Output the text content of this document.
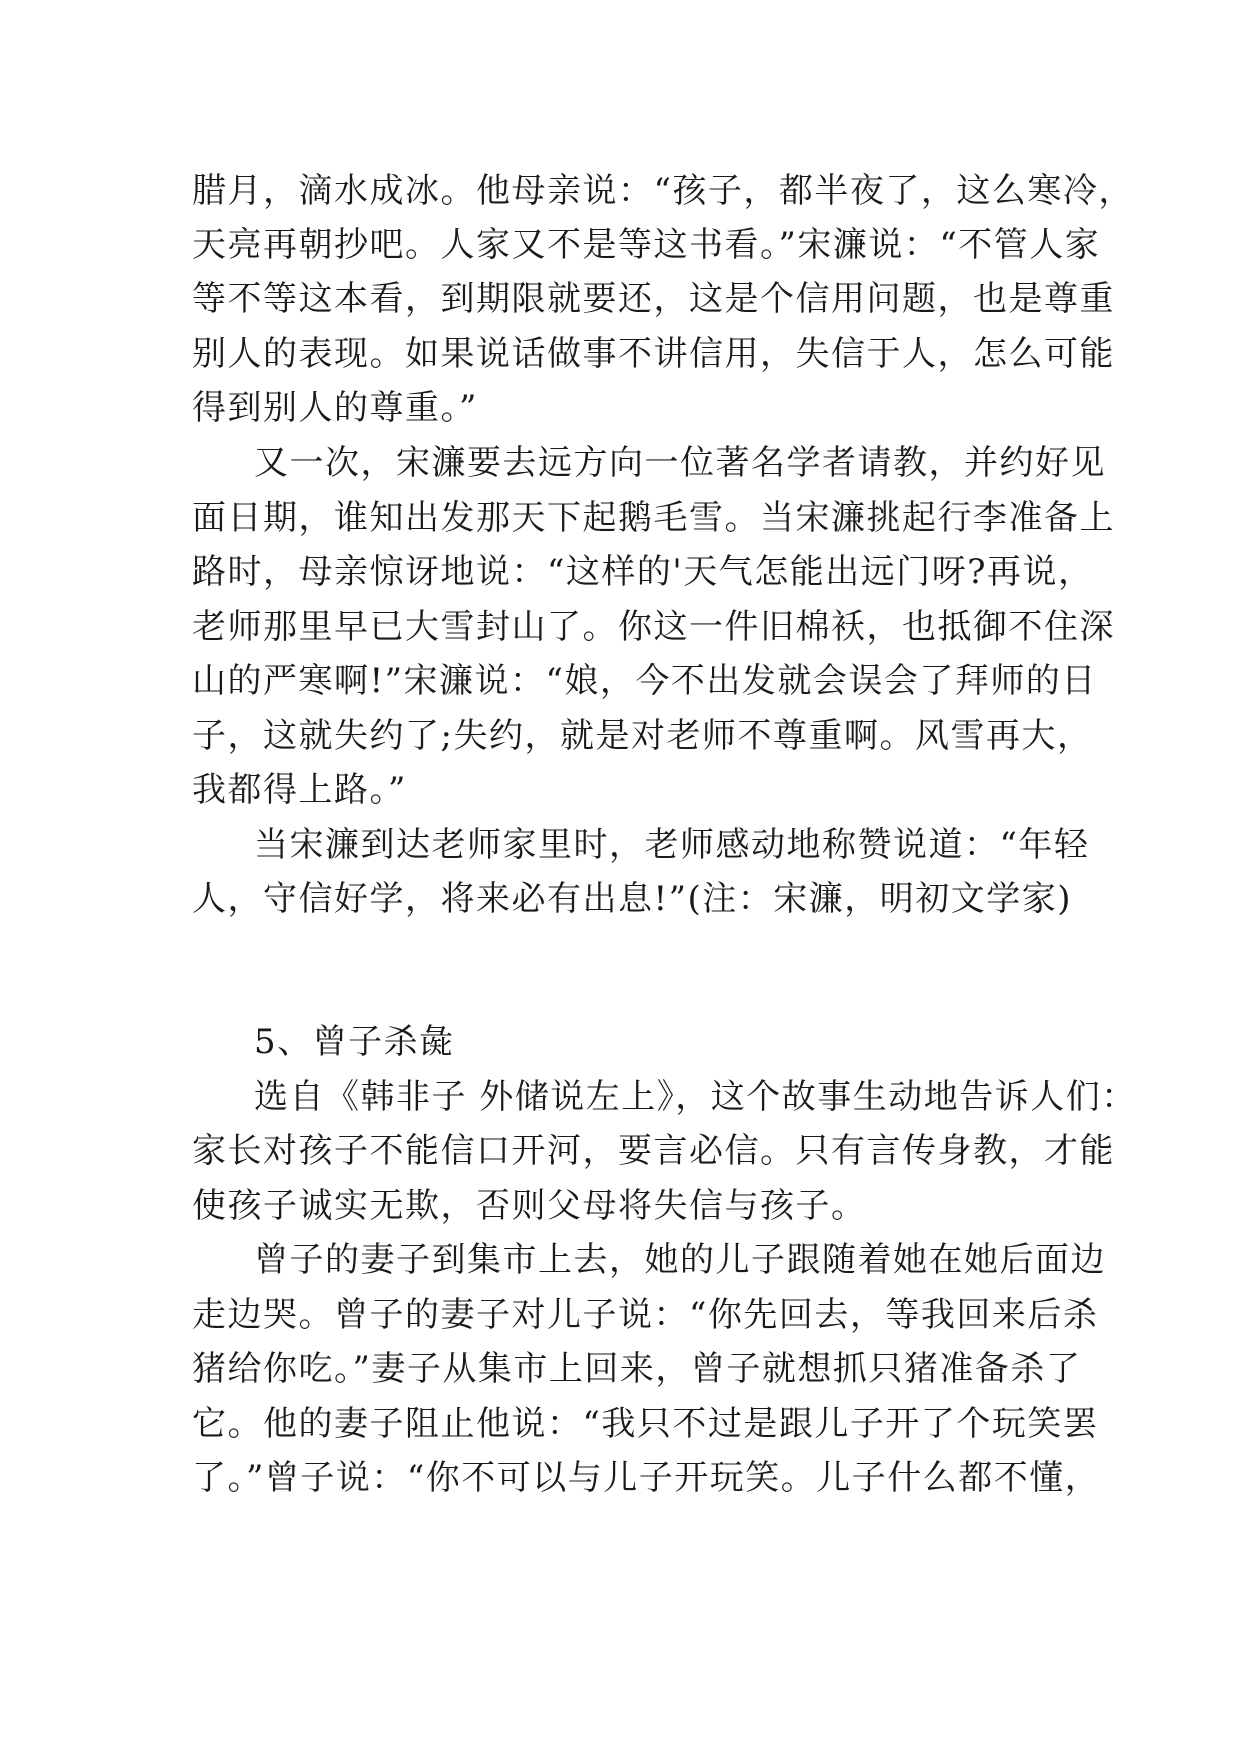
腊月，滴水成冰。他母亲说：“孩子，都半夜了，这么寒冷，
天亮再朝抄吧。人家又不是等这书看。”宋濂说：“不管人家
等不等这本看，到期限就要还，这是个信用问题，也是尊重
别人的表现。如果说话做事不讲信用，失信于人，怎么可能
得到别人的尊重。”
又一次，宋濂要去远方向一位著名学者请教，并约好见
面日期，谁知出发那天下起鹅毛雪。当宋濂挑起行李准备上
路时，母亲惊讶地说：“这样的'天气怎能出远门呀?再说，
老师那里早已大雪封山了。你这一件旧棉袄，也抵御不住深
山的严寒啊!”宋濂说：“娘，今不出发就会误会了拜师的日
子，这就失约了;失约，就是对老师不尊重啊。风雪再大，
我都得上路。”
当宋濂到达老师家里时，老师感动地称赞说道：“年轻
人，守信好学，将来必有出息!”(注：宋濂，明初文学家)
5、曾子杀彘
选自《韩非子 外储说左上》，这个故事生动地告诉人们：
家长对孩子不能信口开河，要言必信。只有言传身教，才能
使孩子诚实无欺，否则父母将失信与孩子。
曾子的妻子到集市上去，她的儿子跟随着她在她后面边
走边哭。曾子的妻子对儿子说：“你先回去，等我回来后杀
猪给你吃。”妻子从集市上回来，曾子就想抓只猪准备杀了
它。他的妻子阻止他说：“我只不过是跟儿子开了个玩笑罢
了。”曾子说：“你不可以与儿子开玩笑。儿子什么都不懂，
